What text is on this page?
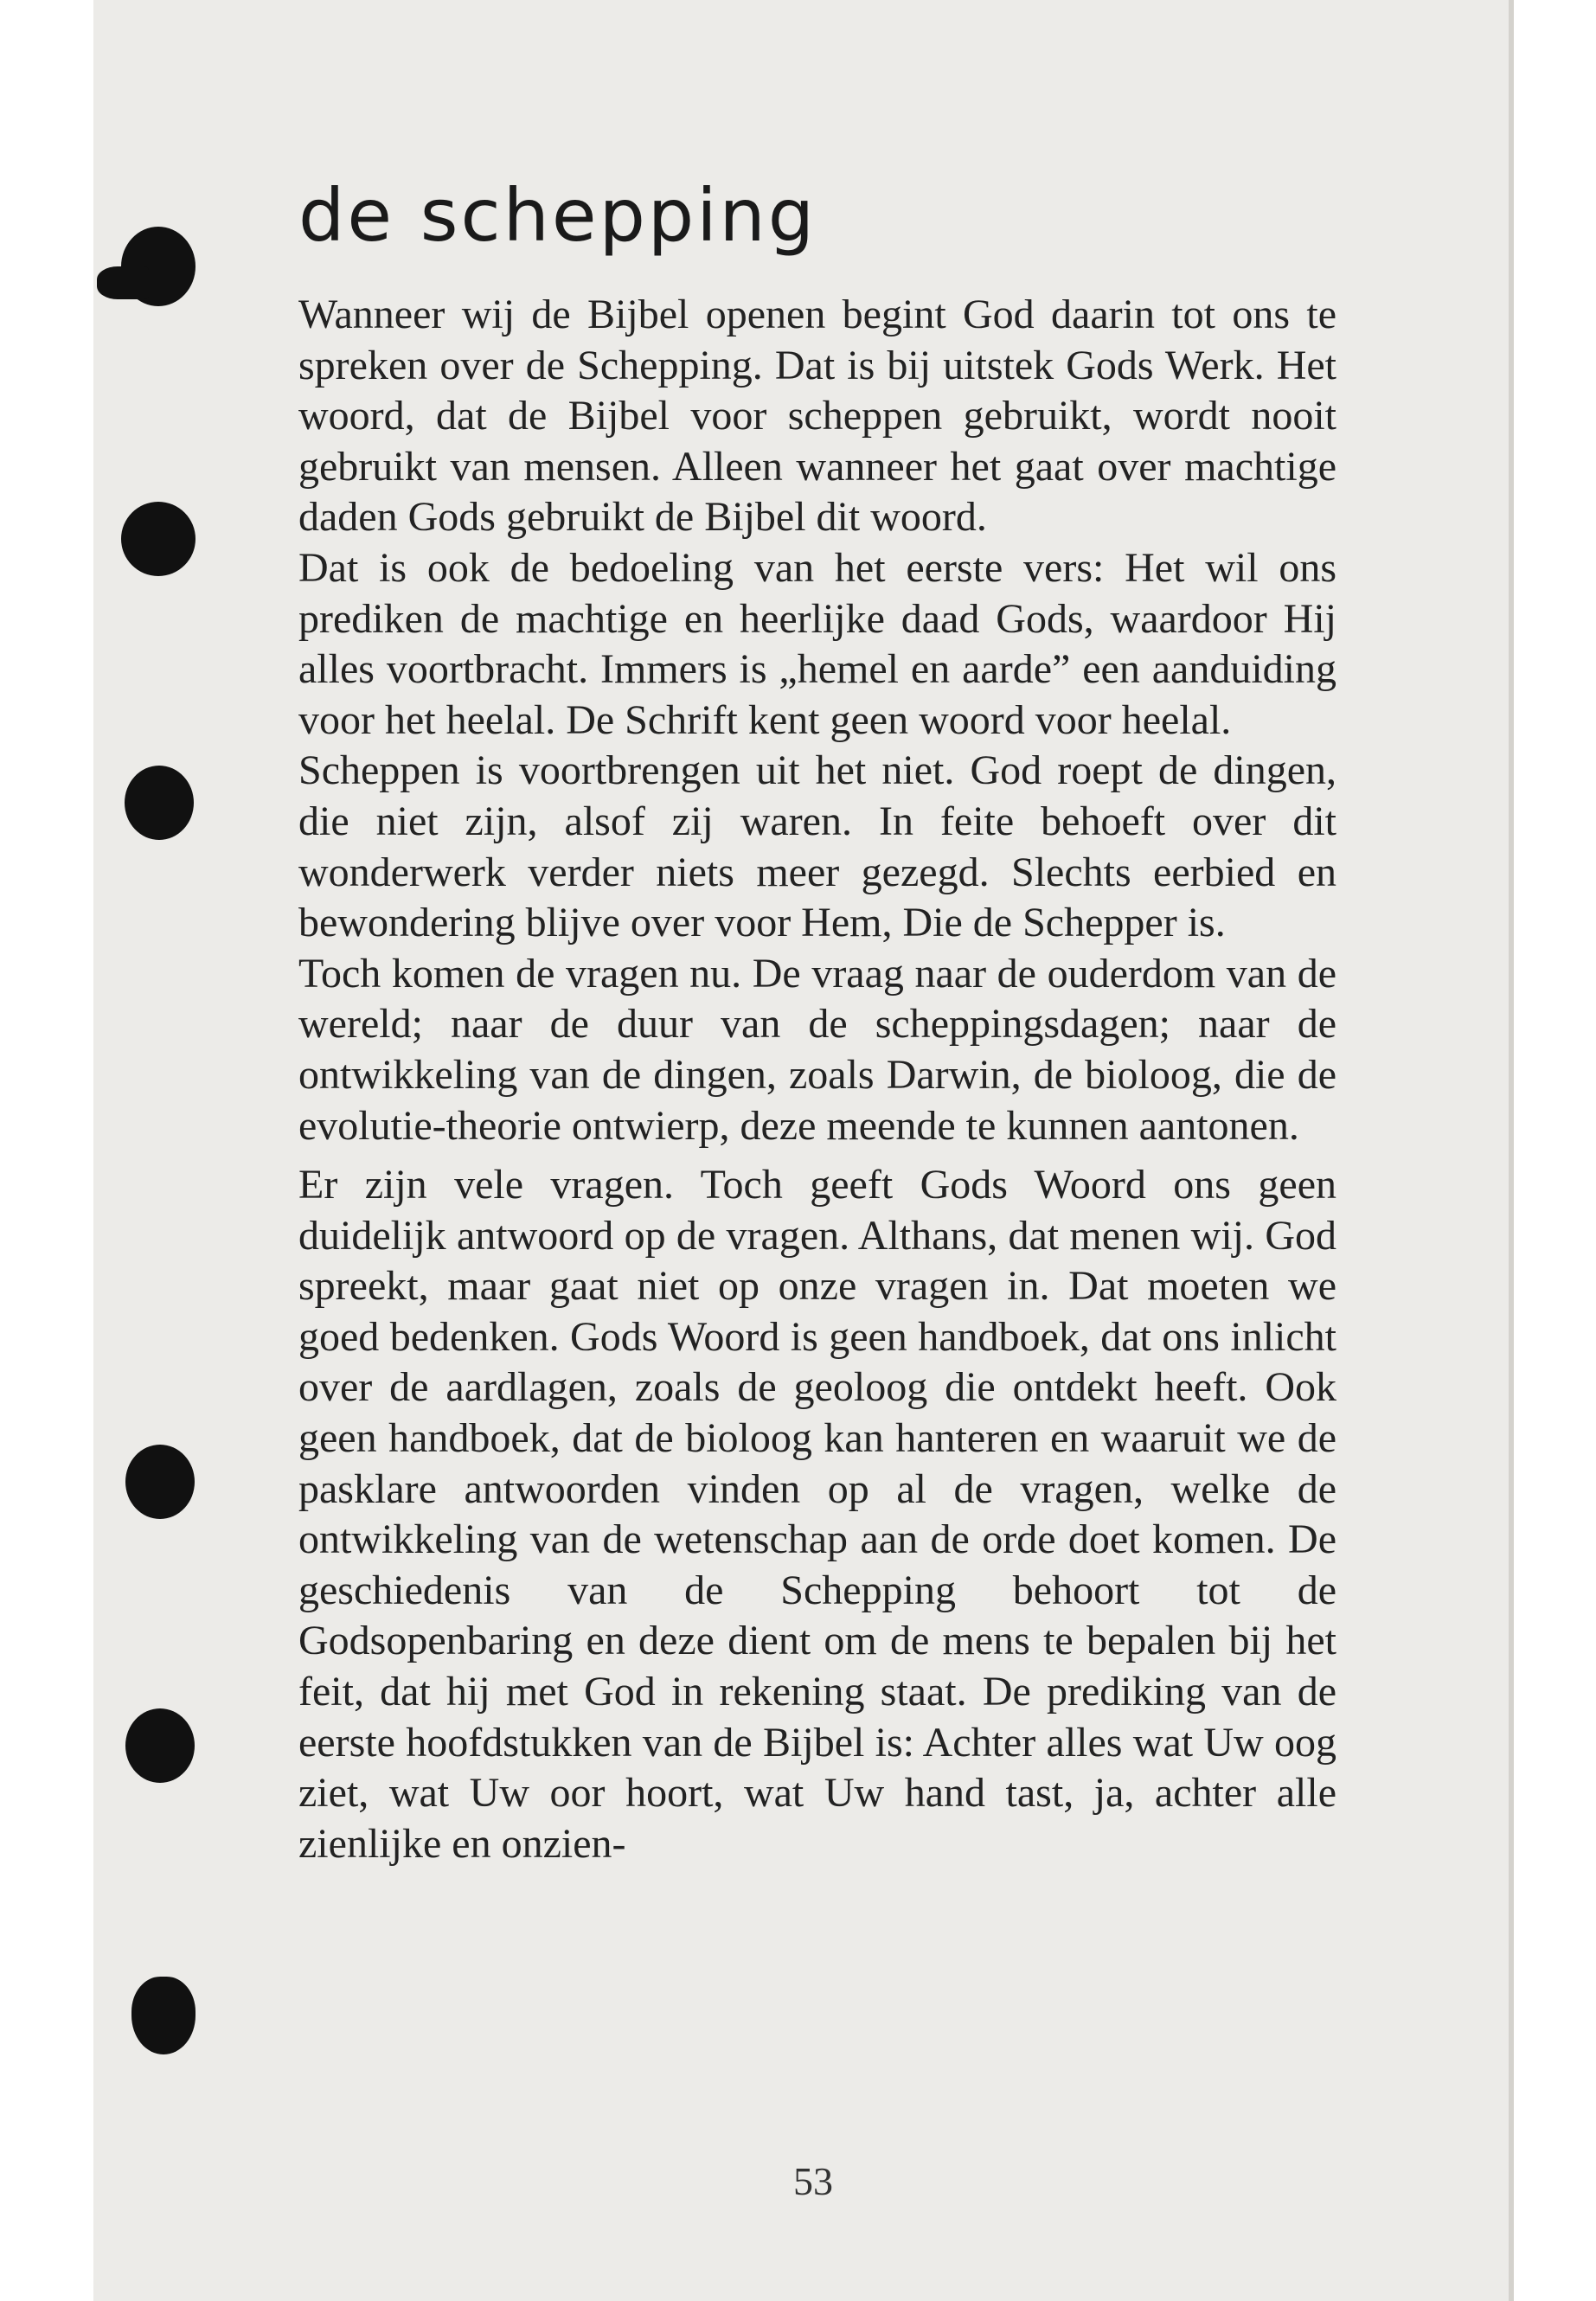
de schepping

Wanneer wij de Bijbel openen begint God daarin tot ons te spreken over de Schepping. Dat is bij uitstek Gods Werk. Het woord, dat de Bijbel voor scheppen gebruikt, wordt nooit gebruikt van mensen. Alleen wanneer het gaat over machtige daden Gods gebruikt de Bijbel dit woord.

Dat is ook de bedoeling van het eerste vers: Het wil ons prediken de machtige en heerlijke daad Gods, waardoor Hij alles voortbracht. Immers is „hemel en aarde” een aanduiding voor het heelal. De Schrift kent geen woord voor heelal.

Scheppen is voortbrengen uit het niet. God roept de dingen, die niet zijn, alsof zij waren. In feite behoeft over dit wonderwerk verder niets meer gezegd. Slechts eerbied en bewondering blijve over voor Hem, Die de Schepper is.

Toch komen de vragen nu. De vraag naar de ouderdom van de wereld; naar de duur van de scheppingsdagen; naar de ontwikkeling van de dingen, zoals Darwin, de bioloog, die de evolutie-theorie ontwierp, deze meende te kunnen aantonen.

Er zijn vele vragen. Toch geeft Gods Woord ons geen duidelijk antwoord op de vragen. Althans, dat menen wij. God spreekt, maar gaat niet op onze vragen in. Dat moeten we goed bedenken. Gods Woord is geen handboek, dat ons inlicht over de aardlagen, zoals de geoloog die ontdekt heeft. Ook geen handboek, dat de bioloog kan hanteren en waaruit we de pasklare antwoorden vinden op al de vragen, welke de ontwikkeling van de wetenschap aan de orde doet komen. De geschiedenis van de Schepping behoort tot de Godsopenbaring en deze dient om de mens te bepalen bij het feit, dat hij met God in rekening staat. De prediking van de eerste hoofdstukken van de Bijbel is: Achter alles wat Uw oog ziet, wat Uw oor hoort, wat Uw hand tast, ja, achter alle zienlijke en onzien-

53
